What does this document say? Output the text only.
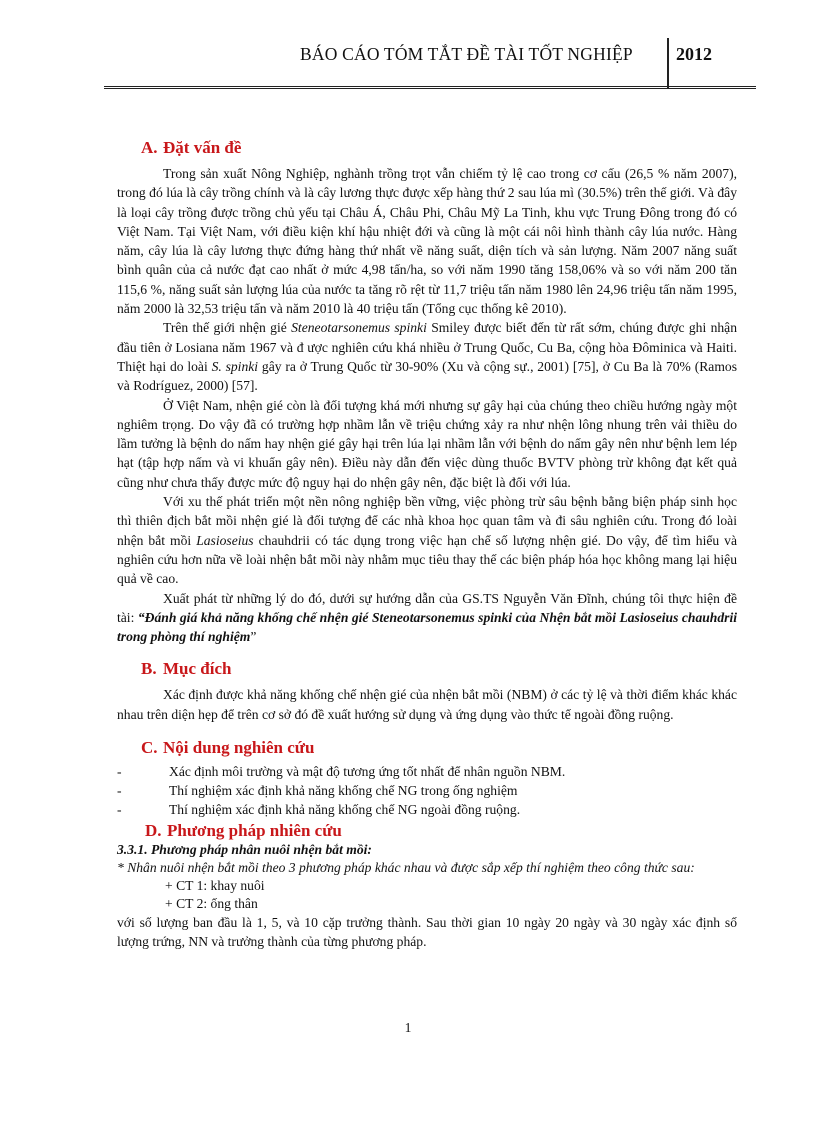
BÁO CÁO TÓM TẮT ĐỀ TÀI TỐT NGHIỆP 2012
A. Đặt vấn đề

Trong sản xuất Nông Nghiệp, nghành trồng trọt vẫn chiếm tỷ lệ cao trong cơ cấu (26,5 % năm 2007), trong đó lúa là cây trồng chính và là cây lương thực được xếp hàng thứ 2 sau lúa mì (30.5%) trên thế giới. Và đây là loại cây trồng được trồng chủ yếu tại Châu Á, Châu Phi, Châu Mỹ La Tinh, khu vực Trung Đông trong đó có Việt Nam. Tại Việt Nam, với điều kiện khí hậu nhiệt đới và cũng là một cái nôi hình thành cây lúa nước. Hàng năm, cây lúa là cây lương thực đứng hàng thứ nhất về năng suất, diện tích và sản lượng. Năm 2007 năng suất bình quân của cả nước đạt cao nhất ở mức 4,98 tấn/ha, so với năm 1990 tăng 158,06% và so với năm 200 tăn 115,6 %, năng suất sản lượng lúa của nước ta tăng rõ rệt từ 11,7 triệu tấn năm 1980 lên 24,96 triệu tấn năm 1995, năm 2000 là 32,53 triệu tấn và năm 2010 là 40 triệu tấn (Tổng cục thống kê 2010).

Trên thế giới nhện gié Steneotarsonemus spinki Smiley được biết đến từ rất sớm, chúng được ghi nhận đầu tiên ở Losiana năm 1967 và đ ược nghiên cứu khá nhiều ở Trung Quốc, Cu Ba, cộng hòa Đôminica và Haiti. Thiệt hại do loài S. spinki gây ra ở Trung Quốc từ 30-90% (Xu và cộng sự., 2001) [75], ở Cu Ba là 70% (Ramos và Rodríguez, 2000) [57].

Ở Việt Nam, nhện gié còn là đối tượng khá mới nhưng sự gây hại của chúng theo chiều hướng ngày một nghiêm trọng. Do vậy đã có trường hợp nhầm lẫn về triệu chứng xảy ra như nhện lông nhung trên vải thiều do lầm tưởng là bệnh do nấm hay nhện gié gây hại trên lúa lại nhầm lẫn với bệnh do nấm gây nên như bệnh lem lép hạt (tập hợp nấm và vi khuẩn gây nên). Điều này dẫn đến việc dùng thuốc BVTV phòng trừ không đạt kết quả cũng như chưa thấy được mức độ nguy hại do nhện gây nên, đặc biệt là đối với lúa.

Với xu thế phát triển một nền nông nghiệp bền vững, việc phòng trừ sâu bệnh bằng biện pháp sinh học thì thiên địch bắt mồi nhện gié là đối tượng để các nhà khoa học quan tâm và đi sâu nghiên cứu. Trong đó loài nhện bắt mồi Lasioseius chauhdrii có tác dụng trong việc hạn chế số lượng nhện gié. Do vậy, để tìm hiểu và nghiên cứu hơn nữa về loài nhện bắt mồi này nhằm mục tiêu thay thế các biện pháp hóa học không mang lại hiệu quả về cao.

Xuất phát từ những lý do đó, dưới sự hướng dẫn của GS.TS Nguyễn Văn Đĩnh, chúng tôi thực hiện đề tài: “Đánh giá khả năng khống chế nhện gié Steneotarsonemus spinki của Nhện bắt mồi Lasioseius chauhdrii trong phòng thí nghiệm”

B. Mục đích

Xác định được khả năng khống chế nhện gié của nhện bắt mồi (NBM) ở các tỷ lệ và thời điểm khác khác nhau trên diện hẹp để trên cơ sở đó đề xuất hướng sử dụng và ứng dụng vào thức tế ngoài đồng ruộng.

C. Nội dung nghiên cứu
-	Xác định môi trường và mật độ tương ứng tốt nhất để nhân nguồn NBM.
-	Thí nghiệm xác định khả năng khống chế NG trong ống nghiệm
-	Thí nghiệm xác định khả năng khống chế NG ngoài đồng ruộng.
D. Phương pháp nhiên cứu

3.3.1. Phương pháp nhân nuôi nhện bắt mồi:

* Nhân nuôi nhện bắt mồi theo 3 phương pháp khác nhau và được sắp xếp thí nghiệm theo công thức sau:

+ CT 1: khay nuôi
+ CT 2: ống thân

với số lượng ban đầu là 1, 5, và 10 cặp trưởng thành. Sau thời gian 10 ngày 20 ngày và 30 ngày xác định số lượng trứng, NN và trưởng thành của từng phương pháp.

1
